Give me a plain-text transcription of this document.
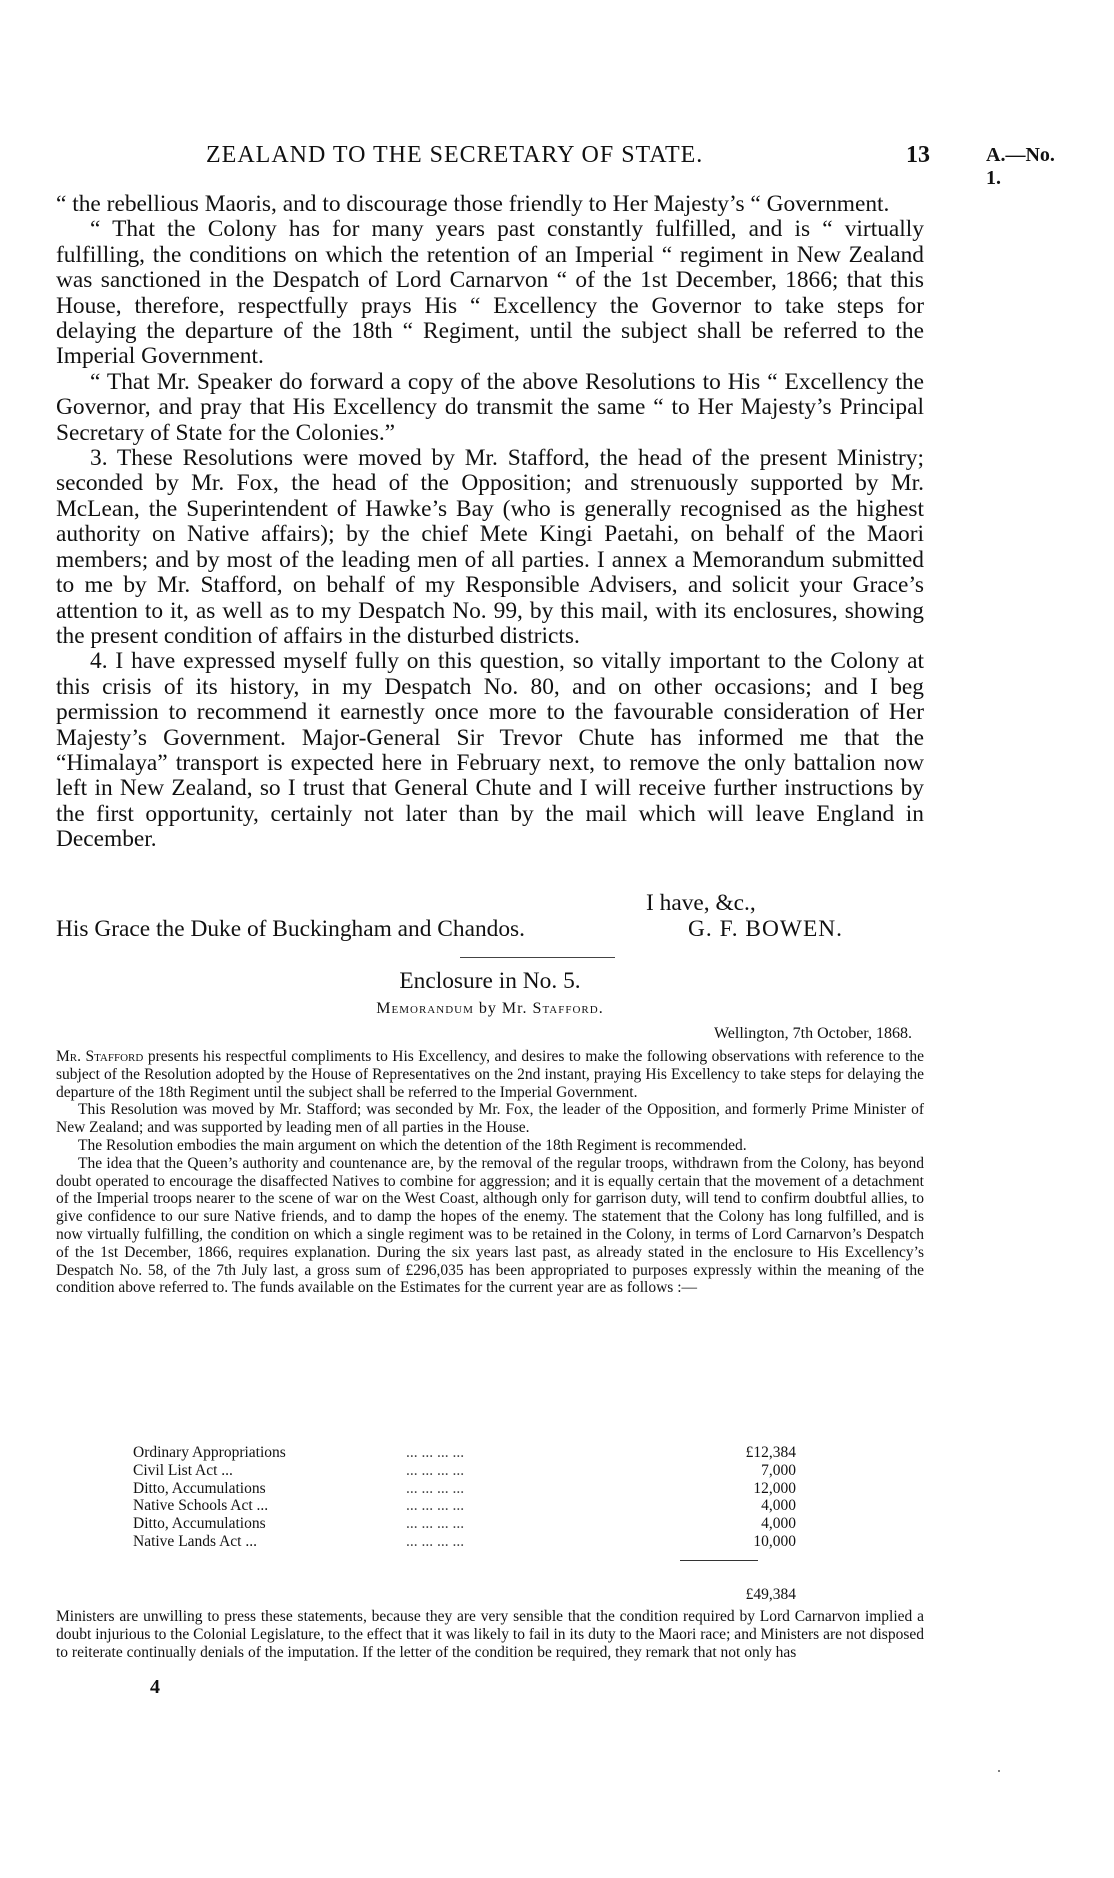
ZEALAND TO THE SECRETARY OF STATE.	13	A.—No. 1.

“ the rebellious Maoris, and to discourage those friendly to Her Majesty’s “ Government.

“ That the Colony has for many years past constantly fulfilled, and is “ virtually fulfilling, the conditions on which the retention of an Imperial “ regiment in New Zealand was sanctioned in the Despatch of Lord Carnarvon “ of the 1st December, 1866; that this House, therefore, respectfully prays His “ Excellency the Governor to take steps for delaying the departure of the 18th “ Regiment, until the subject shall be referred to the Imperial Government.

“ That Mr. Speaker do forward a copy of the above Resolutions to His “ Excellency the Governor, and pray that His Excellency do transmit the same “ to Her Majesty’s Principal Secretary of State for the Colonies.”

3. These Resolutions were moved by Mr. Stafford, the head of the present Ministry; seconded by Mr. Fox, the head of the Opposition; and strenuously supported by Mr. McLean, the Superintendent of Hawke’s Bay (who is generally recognised as the highest authority on Native affairs); by the chief Mete Kingi Paetahi, on behalf of the Maori members; and by most of the leading men of all parties. I annex a Memorandum submitted to me by Mr. Stafford, on behalf of my Responsible Advisers, and solicit your Grace’s attention to it, as well as to my Despatch No. 99, by this mail, with its enclosures, showing the present condition of affairs in the disturbed districts.

4. I have expressed myself fully on this question, so vitally important to the Colony at this crisis of its history, in my Despatch No. 80, and on other occasions; and I beg permission to recommend it earnestly once more to the favourable consideration of Her Majesty’s Government. Major-General Sir Trevor Chute has informed me that the “Himalaya” transport is expected here in February next, to remove the only battalion now left in New Zealand, so I trust that General Chute and I will receive further instructions by the first opportunity, certainly not later than by the mail which will leave England in December.

I have, &c.,
His Grace the Duke of Buckingham and Chandos.	G. F. BOWEN.
Enclosure in No. 5.
Memorandum by Mr. Stafford.
Wellington, 7th October, 1868.

Mr. Stafford presents his respectful compliments to His Excellency, and desires to make the following observations with reference to the subject of the Resolution adopted by the House of Representatives on the 2nd instant, praying His Excellency to take steps for delaying the departure of the 18th Regiment until the subject shall be referred to the Imperial Government.

This Resolution was moved by Mr. Stafford; was seconded by Mr. Fox, the leader of the Opposition, and formerly Prime Minister of New Zealand; and was supported by leading men of all parties in the House.

The Resolution embodies the main argument on which the detention of the 18th Regiment is recommended.

The idea that the Queen’s authority and countenance are, by the removal of the regular troops, withdrawn from the Colony, has beyond doubt operated to encourage the disaffected Natives to combine for aggression; and it is equally certain that the movement of a detachment of the Imperial troops nearer to the scene of war on the West Coast, although only for garrison duty, will tend to confirm doubtful allies, to give confidence to our sure Native friends, and to damp the hopes of the enemy. The statement that the Colony has long fulfilled, and is now virtually fulfilling, the condition on which a single regiment was to be retained in the Colony, in terms of Lord Carnarvon’s Despatch of the 1st December, 1866, requires explanation. During the six years last past, as already stated in the enclosure to His Excellency’s Despatch No. 58, of the 7th July last, a gross sum of £296,035 has been appropriated to purposes expressly within the meaning of the condition above referred to. The funds available on the Estimates for the current year are as follows :—

Ordinary Appropriations	... ... ... ...	£12,384
Civil List Act ...	... ... ... ...	7,000
Ditto, Accumulations	... ... ... ...	12,000
Native Schools Act ...	... ... ... ...	4,000
Ditto, Accumulations	... ... ... ...	4,000
Native Lands Act ...	... ... ... ...	10,000
£49,384

Ministers are unwilling to press these statements, because they are very sensible that the condition required by Lord Carnarvon implied a doubt injurious to the Colonial Legislature, to the effect that it was likely to fail in its duty to the Maori race; and Ministers are not disposed to reiterate continually denials of the imputation. If the letter of the condition be required, they remark that not only has

4
